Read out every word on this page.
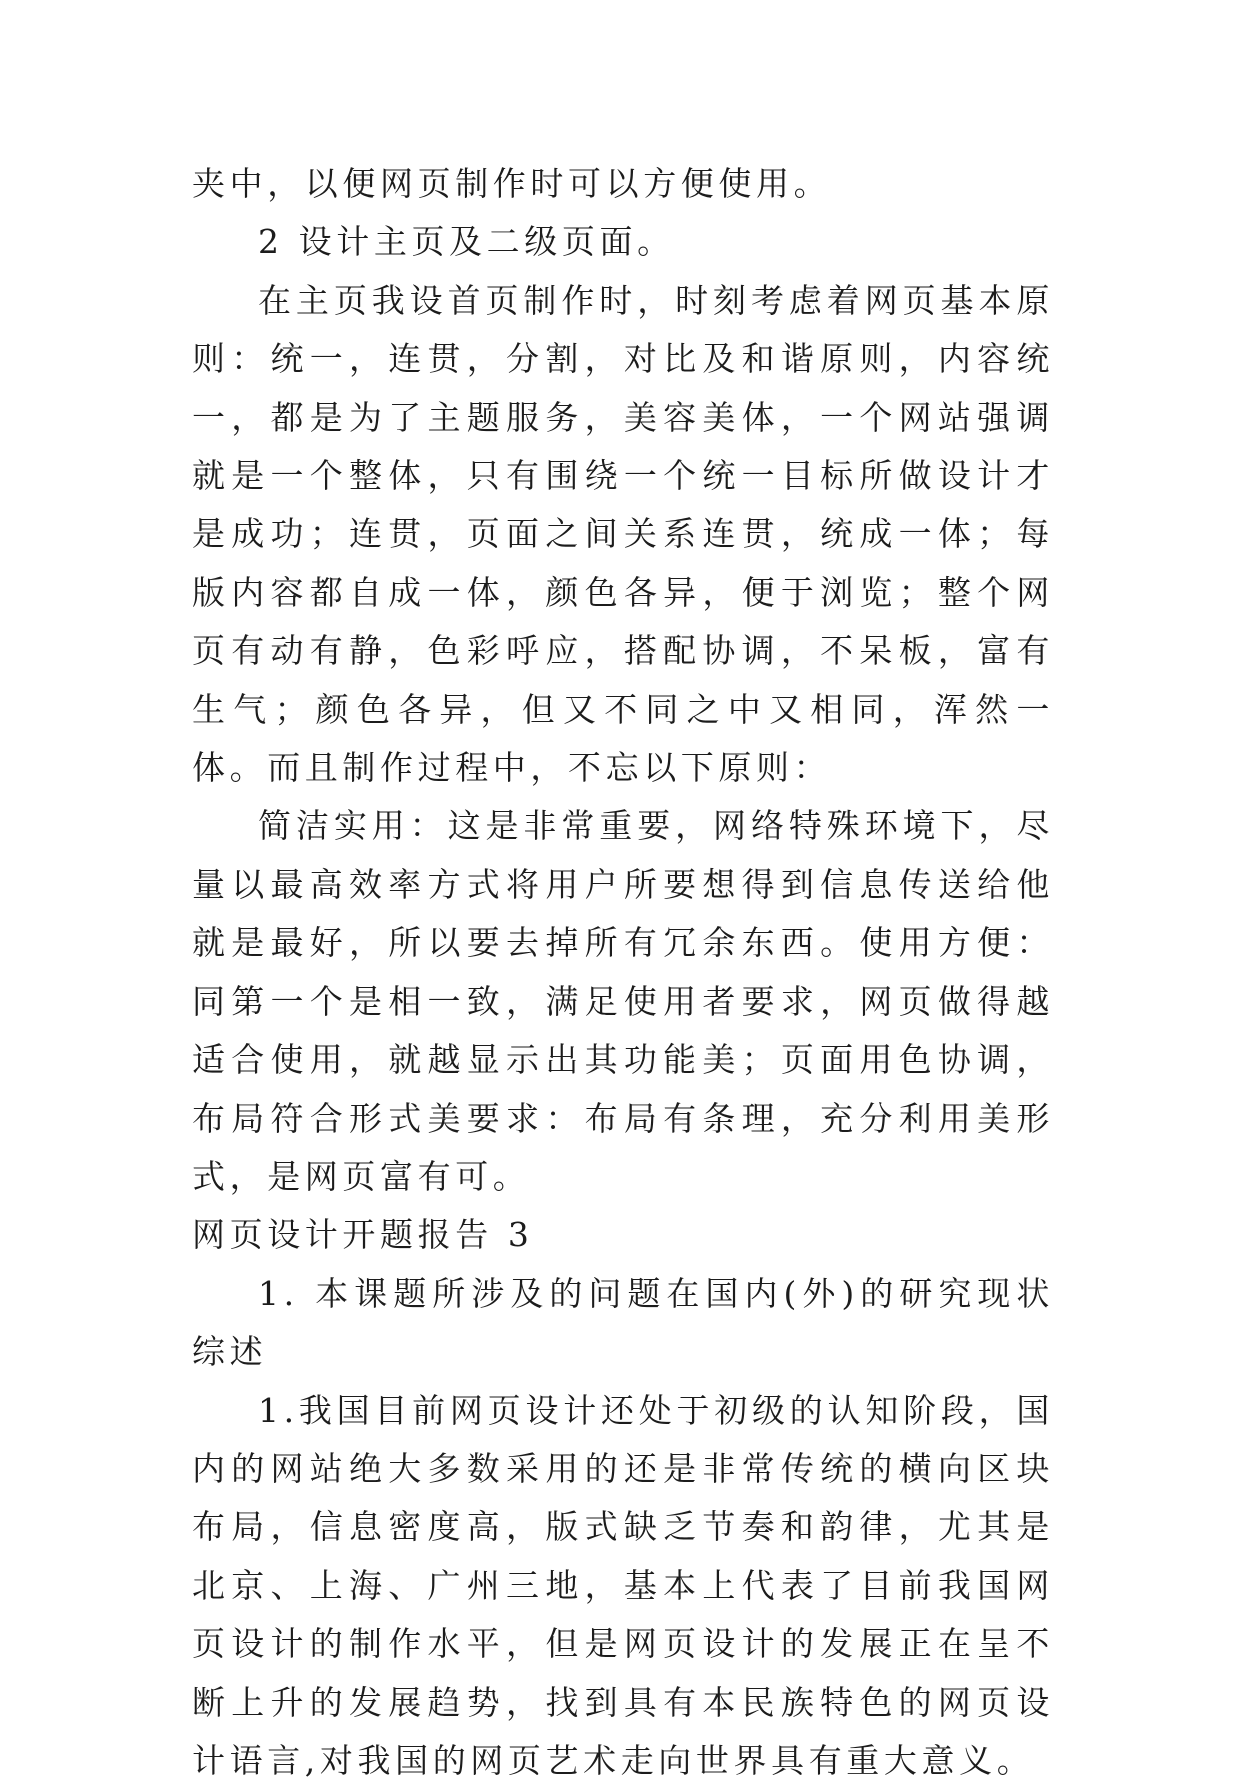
夹中，以便网页制作时可以方便使用。

2 设计主页及二级页面。

在主页我设首页制作时，时刻考虑着网页基本原则：统一，连贯，分割，对比及和谐原则，内容统一，都是为了主题服务，美容美体，一个网站强调就是一个整体，只有围绕一个统一目标所做设计才是成功；连贯，页面之间关系连贯，统成一体；每版内容都自成一体，颜色各异，便于浏览；整个网页有动有静，色彩呼应，搭配协调，不呆板，富有生气；颜色各异，但又不同之中又相同，浑然一体。而且制作过程中，不忘以下原则：

简洁实用：这是非常重要，网络特殊环境下，尽量以最高效率方式将用户所要想得到信息传送给他就是最好，所以要去掉所有冗余东西。使用方便：同第一个是相一致，满足使用者要求，网页做得越适合使用，就越显示出其功能美；页面用色协调，布局符合形式美要求：布局有条理，充分利用美形式，是网页富有可。

网页设计开题报告 3

1. 本课题所涉及的问题在国内(外)的研究现状综述

1.我国目前网页设计还处于初级的认知阶段，国内的网站绝大多数采用的还是非常传统的横向区块布局，信息密度高，版式缺乏节奏和韵律，尤其是北京、上海、广州三地，基本上代表了目前我国网页设计的制作水平，但是网页设计的发展正在呈不断上升的发展趋势，找到具有本民族特色的网页设计语言,对我国的网页艺术走向世界具有重大意义。
